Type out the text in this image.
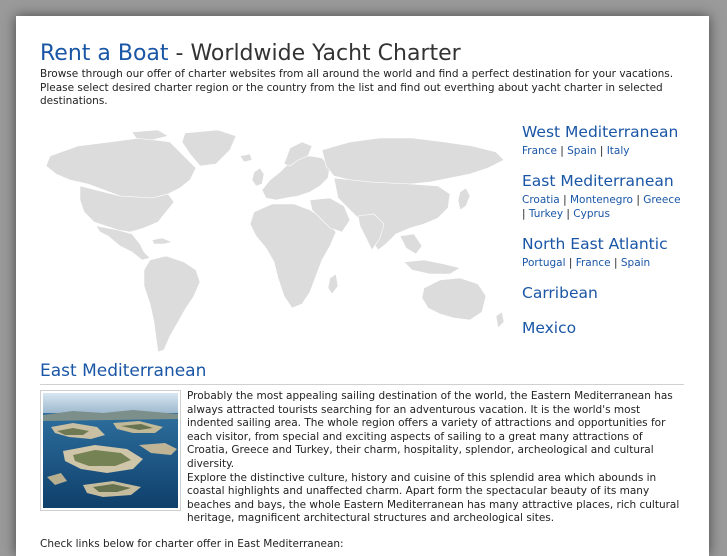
Rent a Boat - Worldwide Yacht Charter
Browse through our offer of charter websites from all around the world and find a perfect destination for your vacations. Please select desired charter region or the country from the list and find out everthing about yacht charter in selected destinations.
West Mediterranean
France | Spain | Italy
East Mediterranean
Croatia | Montenegro | Greece
| Turkey | Cyprus
North East Atlantic
Portugal | France | Spain
Carribean
Mexico
East Mediterranean

Probably the most appealing sailing destination of the world, the Eastern Mediterranean has always attracted tourists searching for an adventurous vacation. It is the world's most indented sailing area. The whole region offers a variety of attractions and opportunities for each visitor, from special and exciting aspects of sailing to a great many attractions of Croatia, Greece and Turkey, their charm, hospitality, splendor, archeological and cultural diversity.

Explore the distinctive culture, history and cuisine of this splendid area which abounds in coastal highlights and unaffected charm. Apart form the spectacular beauty of its many beaches and bays, the whole Eastern Mediterranean has many attractive places, rich cultural heritage, magnificent architectural structures and archeological sites.

Check links below for charter offer in East Mediterranean:
